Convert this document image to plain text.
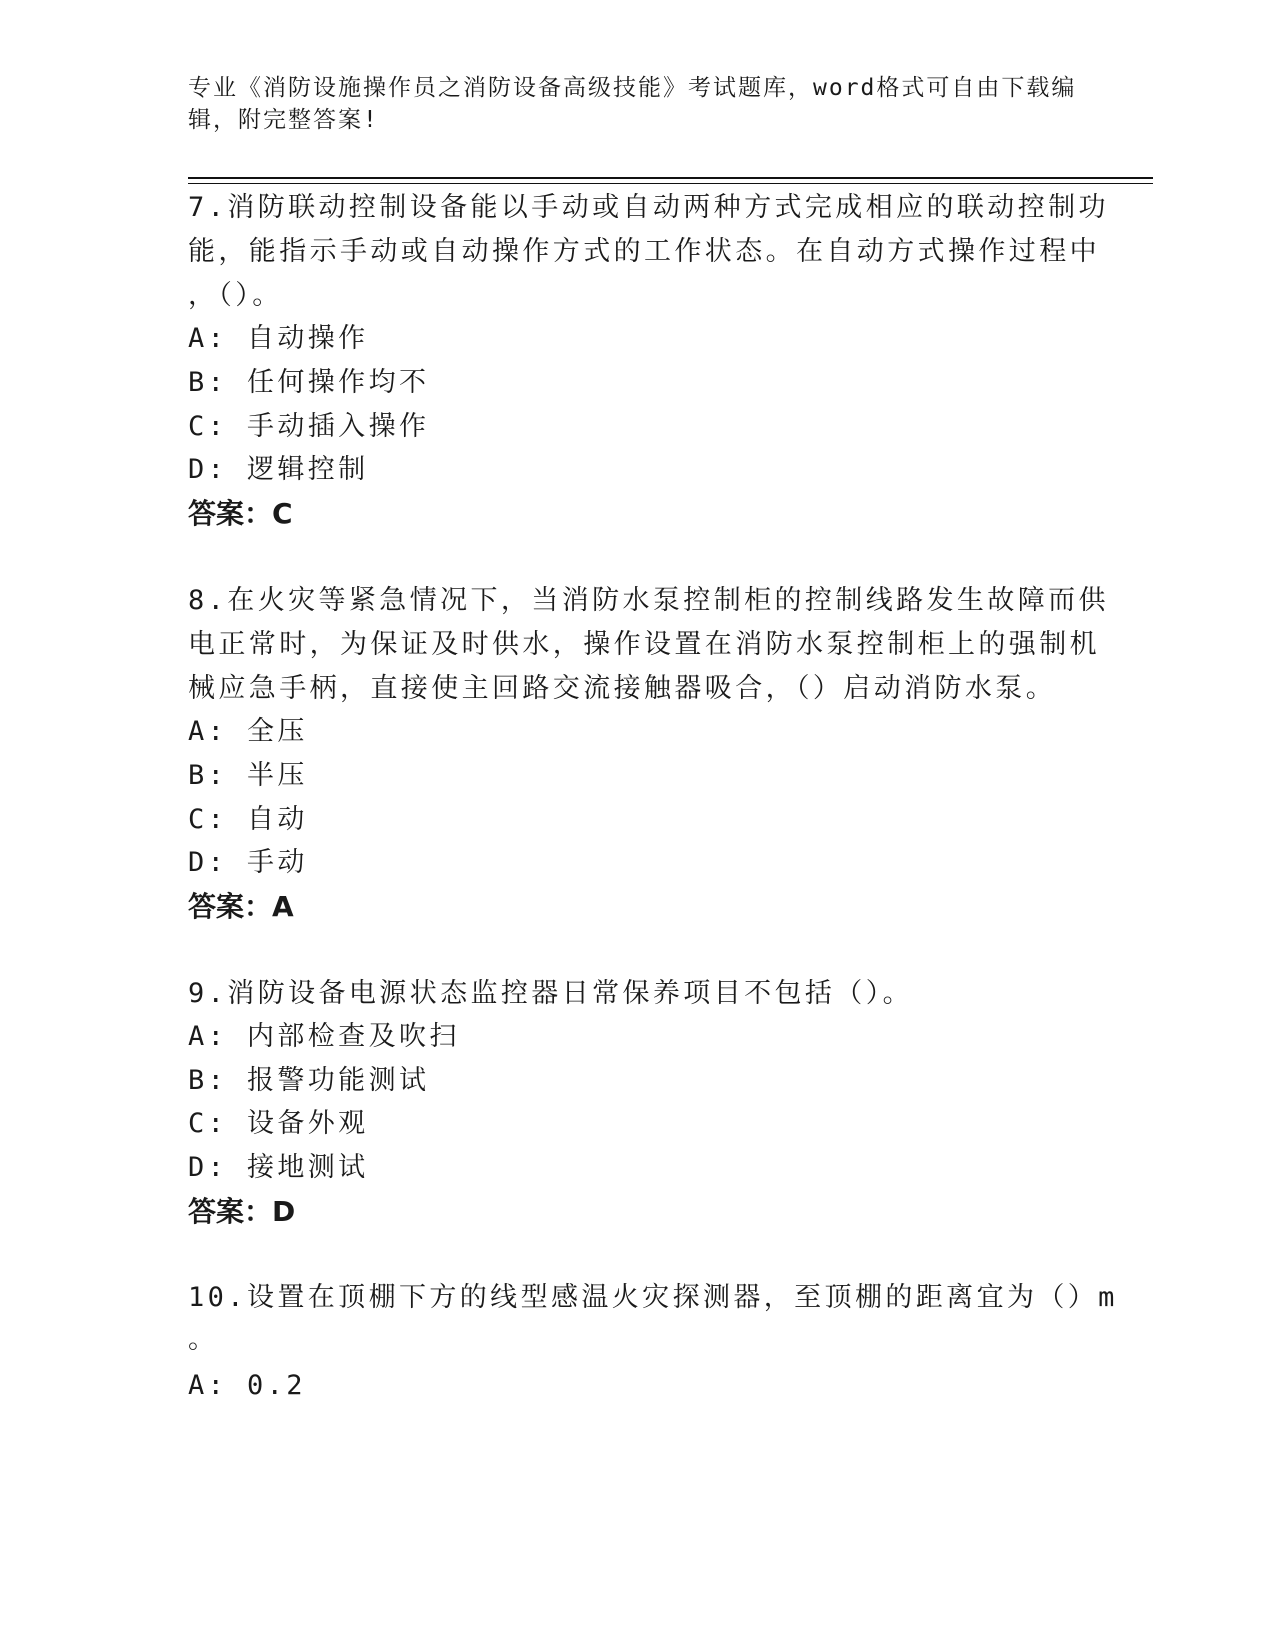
专业《消防设施操作员之消防设备高级技能》考试题库，word格式可自由下载编
辑，附完整答案!
7.消防联动控制设备能以手动或自动两种方式完成相应的联动控制功
能，能指示手动或自动操作方式的工作状态。在自动方式操作过程中
，（）。
A: 自动操作
B: 任何操作均不
C: 手动插入操作
D: 逻辑控制
答案：C
8.在火灾等紧急情况下，当消防水泵控制柜的控制线路发生故障而供
电正常时，为保证及时供水，操作设置在消防水泵控制柜上的强制机
械应急手柄，直接使主回路交流接触器吸合，（）启动消防水泵。
A: 全压
B: 半压
C: 自动
D: 手动
答案：A
9.消防设备电源状态监控器日常保养项目不包括（）。
A: 内部检查及吹扫
B: 报警功能测试
C: 设备外观
D: 接地测试
答案：D
10.设置在顶棚下方的线型感温火灾探测器，至顶棚的距离宜为（）m
。
A: 0.2
